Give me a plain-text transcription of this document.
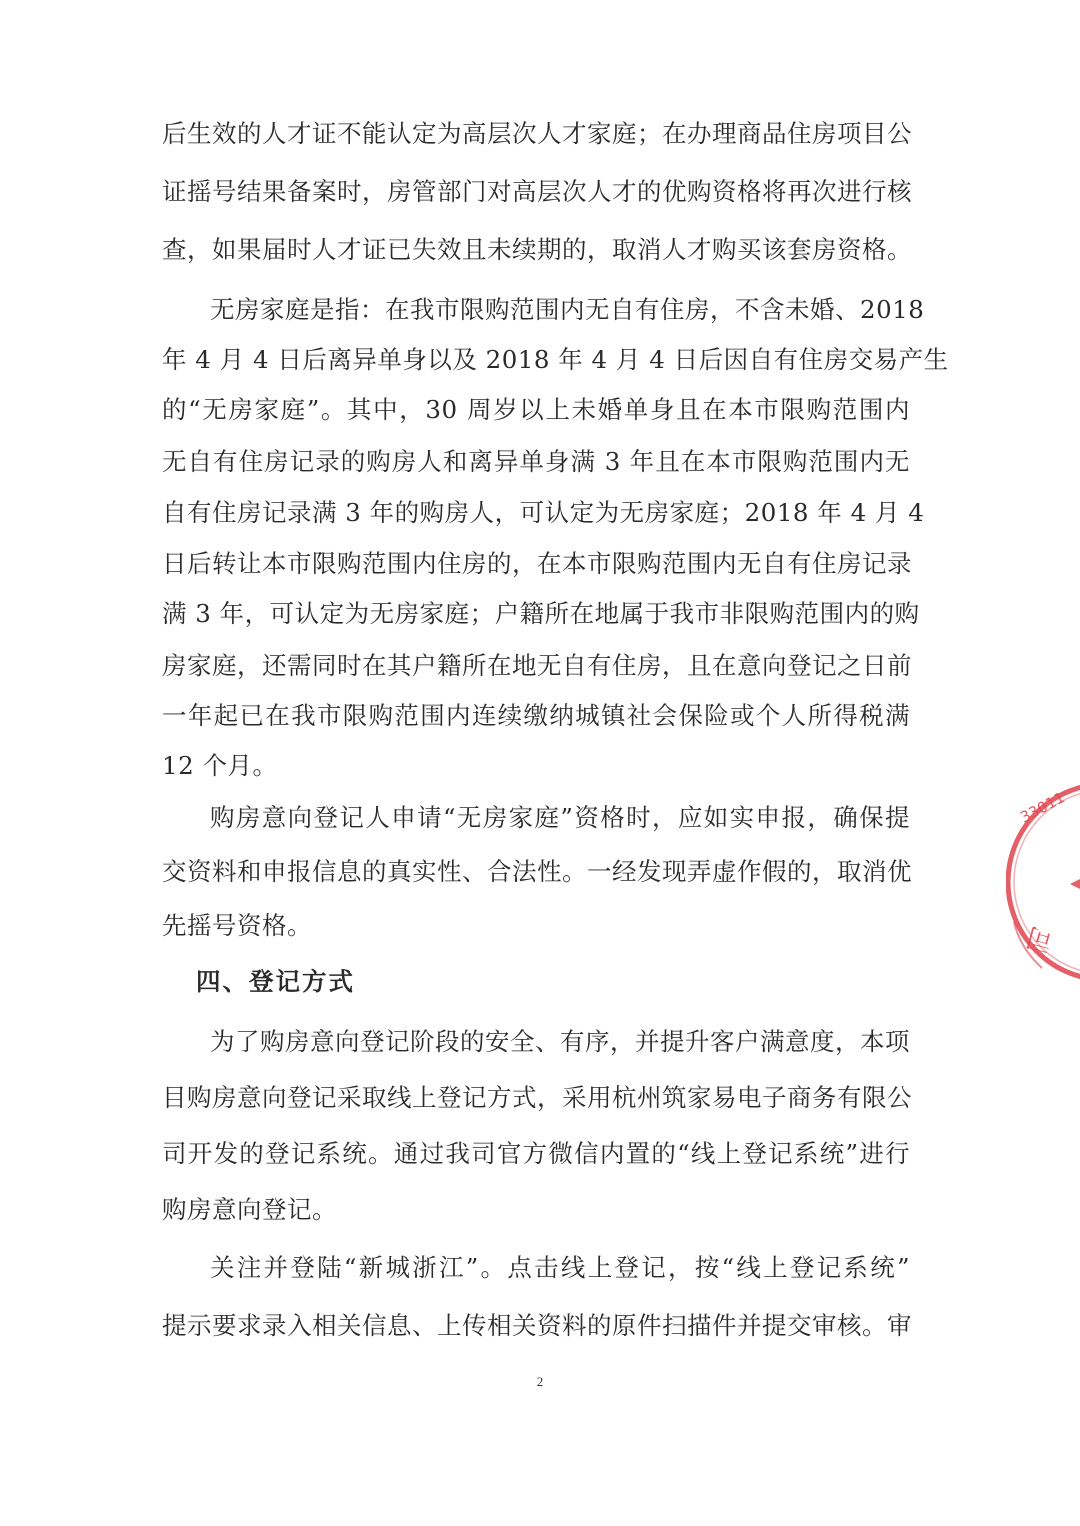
后生效的人才证不能认定为高层次人才家庭；在办理商品住房项目公
证摇号结果备案时，房管部门对高层次人才的优购资格将再次进行核
查，如果届时人才证已失效且未续期的，取消人才购买该套房资格。
无房家庭是指：在我市限购范围内无自有住房，不含未婚、2018
年 4 月 4 日后离异单身以及 2018 年 4 月 4 日后因自有住房交易产生
的“无房家庭”。其中，30 周岁以上未婚单身且在本市限购范围内
无自有住房记录的购房人和离异单身满 3 年且在本市限购范围内无
自有住房记录满 3 年的购房人，可认定为无房家庭；2018 年 4 月 4
日后转让本市限购范围内住房的，在本市限购范围内无自有住房记录
满 3 年，可认定为无房家庭；户籍所在地属于我市非限购范围内的购
房家庭，还需同时在其户籍所在地无自有住房，且在意向登记之日前
一年起已在我市限购范围内连续缴纳城镇社会保险或个人所得税满
12 个月。
购房意向登记人申请“无房家庭”资格时，应如实申报，确保提
交资料和申报信息的真实性、合法性。一经发现弄虚作假的，取消优
先摇号资格。
四、登记方式
为了购房意向登记阶段的安全、有序，并提升客户满意度，本项
目购房意向登记采取线上登记方式，采用杭州筑家易电子商务有限公
司开发的登记系统。通过我司官方微信内置的“线上登记系统”进行
购房意向登记。
关注并登陆“新城浙江”。点击线上登记，按“线上登记系统”
提示要求录入相关信息、上传相关资料的原件扫描件并提交审核。审
2
33011
司
